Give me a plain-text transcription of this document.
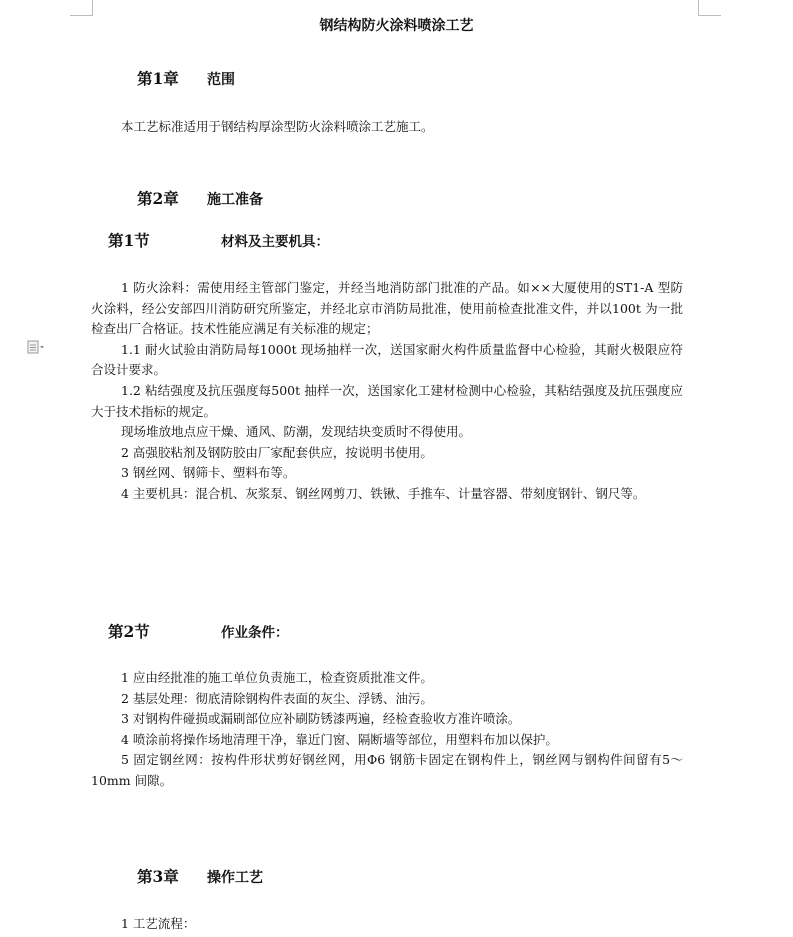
钢结构防火涂料喷涂工艺
第1章 范围
本工艺标准适用于钢结构厚涂型防火涂料喷涂工艺施工。
第2章 施工准备
第1节	材料及主要机具：
1 防火涂料：需使用经主管部门鉴定，并经当地消防部门批准的产品。如××大厦使用的ST1-A 型防火涂料，经公安部四川消防研究所鉴定，并经北京市消防局批准，使用前检查批准文件，并以100t 为一批检查出厂合格证。技术性能应满足有关标准的规定；
1.1 耐火试验由消防局每1000t 现场抽样一次，送国家耐火构件质量监督中心检验，其耐火极限应符合设计要求。
1.2 粘结强度及抗压强度每500t 抽样一次，送国家化工建材检测中心检验，其粘结强度及抗压强度应大于技术指标的规定。
现场堆放地点应干燥、通风、防潮，发现结块变质时不得使用。
2 高强胶粘剂及钢防胶由厂家配套供应，按说明书使用。
3 钢丝网、钢筛卡、塑料布等。
4 主要机具：混合机、灰浆泵、钢丝网剪刀、铁锹、手推车、计量容器、带刻度钢针、钢尺等。
第2节	作业条件：
1 应由经批准的施工单位负责施工，检查资质批准文件。
2 基层处理：彻底清除钢构件表面的灰尘、浮锈、油污。
3 对钢构件碰损或漏刷部位应补刷防锈漆两遍，经检查验收方准许喷涂。
4 喷涂前将操作场地清理干净，靠近门窗、隔断墙等部位，用塑料布加以保护。
5 固定钢丝网：按构件形状剪好钢丝网，用Φ6 钢筋卡固定在钢构件上，钢丝网与钢构件间留有5～10mm 间隙。
第3章 操作工艺
1 工艺流程：
